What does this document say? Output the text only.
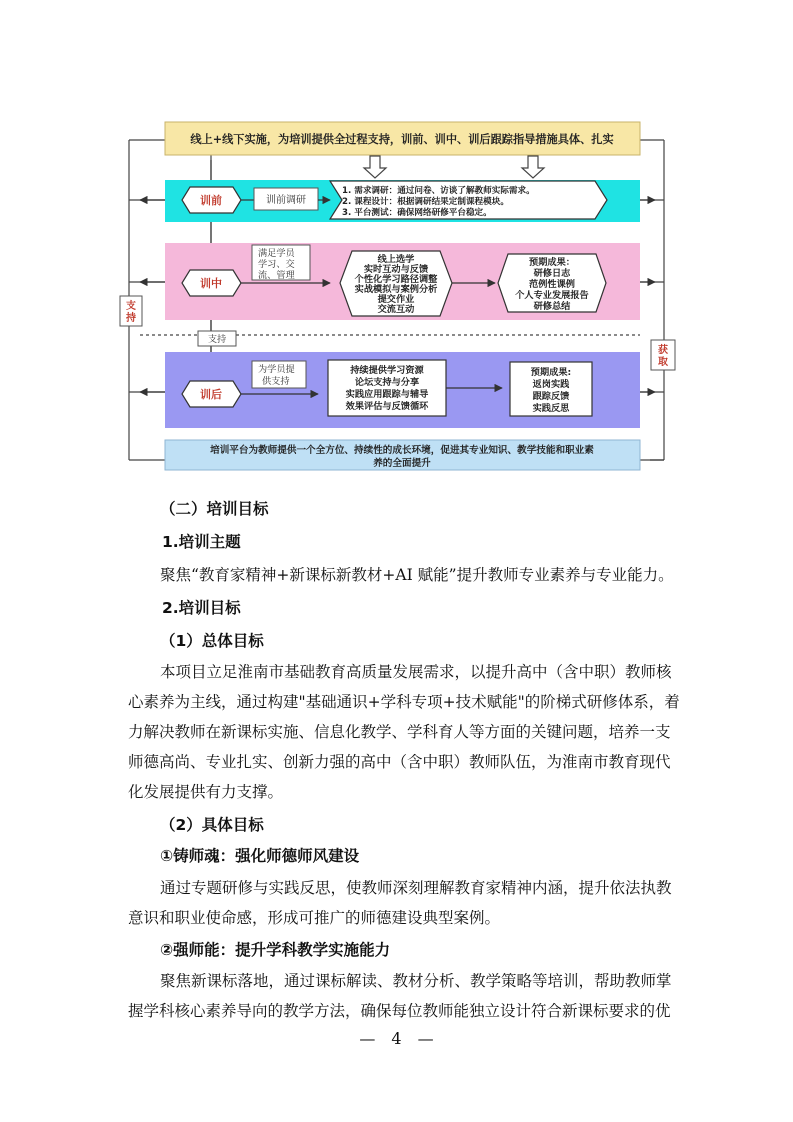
线上+线下实施，为培训提供全过程支持，训前、训中、训后跟踪指导措施具体、扎实
训前	训前调研
1. 需求调研：通过问卷、访谈了解教师实际需求。
2. 课程设计：根据调研结果定制课程模块。
3. 平台测试：确保网络研修平台稳定。
训中
满足学员
学习、交
流、管理
线上选学
实时互动与反馈
个性化学习路径调整
实战模拟与案例分析
提交作业
交流互动
预期成果：
研修日志
范例性课例
个人专业发展报告
研修总结
支持
训后
为学员提
供支持
持续提供学习资源
论坛支持与分享
实践应用跟踪与辅导
效果评估与反馈循环
预期成果:
返岗实践
跟踪反馈
实践反思
支
持
获
取
培训平台为教师提供一个全方位、持续性的成长环境，促进其专业知识、教学技能和职业素
养的全面提升
（二）培训目标
1.培训主题
聚焦“教育家精神+新课标新教材+AI 赋能”提升教师专业素养与专业能力。
2.培训目标
（1）总体目标
本项目立足淮南市基础教育高质量发展需求，以提升高中（含中职）教师核
心素养为主线，通过构建"基础通识+学科专项+技术赋能"的阶梯式研修体系，着
力解决教师在新课标实施、信息化教学、学科育人等方面的关键问题，培养一支
师德高尚、专业扎实、创新力强的高中（含中职）教师队伍，为淮南市教育现代
化发展提供有力支撑。
（2）具体目标
①铸师魂：强化师德师风建设
通过专题研修与实践反思，使教师深刻理解教育家精神内涵，提升依法执教
意识和职业使命感，形成可推广的师德建设典型案例。
②强师能：提升学科教学实施能力
聚焦新课标落地，通过课标解读、教材分析、教学策略等培训，帮助教师掌
握学科核心素养导向的教学方法，确保每位教师能独立设计符合新课标要求的优
—　4　—
